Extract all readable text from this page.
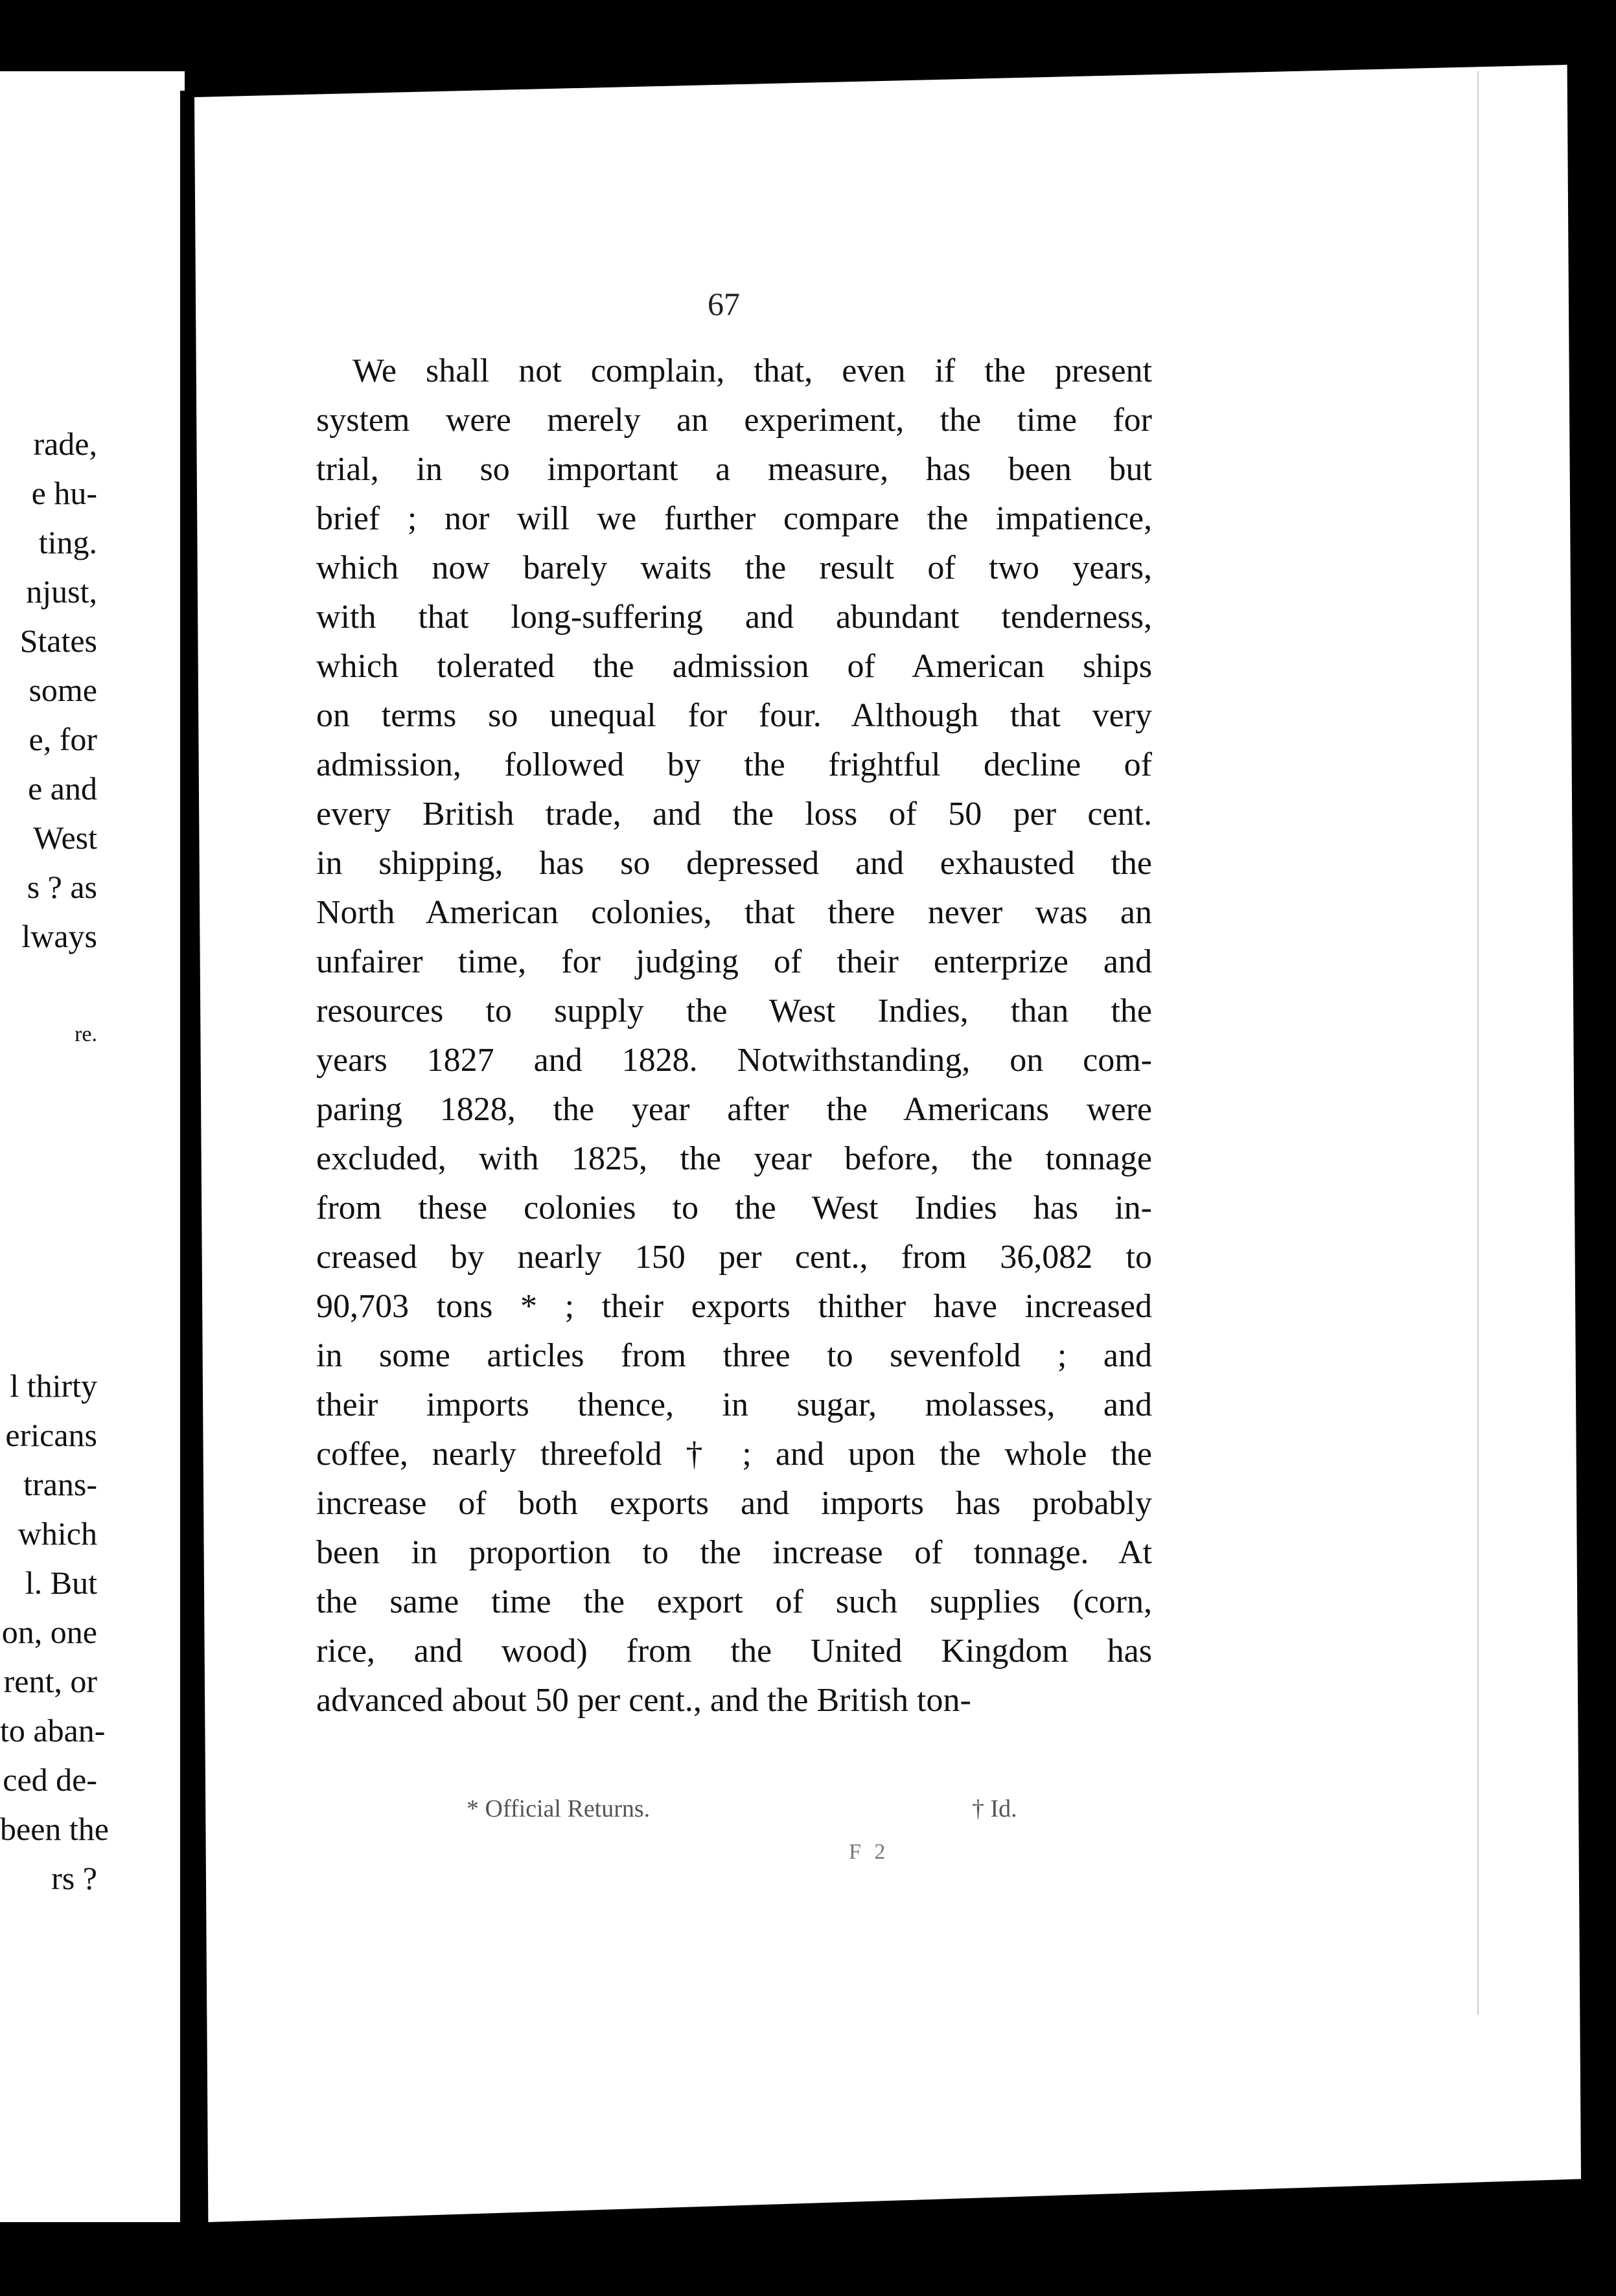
rade,
e hu-
ting.
njust,
States
some
e, for
e and
West
s ? as
lways
re.
l thirty
ericans
trans-
which
l. But
on, one
rent, or
to aban-
ced de-
been the
rs ?
67
We shall not complain, that, even if the present
system were merely an experiment, the time for
trial, in so important a measure, has been but
brief ; nor will we further compare the impatience,
which now barely waits the result of two years,
with that long-suffering and abundant tenderness,
which tolerated the admission of American ships
on terms so unequal for four. Although that very
admission, followed by the frightful decline of
every British trade, and the loss of 50 per cent.
in shipping, has so depressed and exhausted the
North American colonies, that there never was an
unfairer time, for judging of their enterprize and
resources to supply the West Indies, than the
years 1827 and 1828. Notwithstanding, on com-
paring 1828, the year after the Americans were
excluded, with 1825, the year before, the tonnage
from these colonies to the West Indies has in-
creased by nearly 150 per cent., from 36,082 to
90,703 tons * ; their exports thither have increased
in some articles from three to sevenfold ; and
their imports thence, in sugar, molasses, and
coffee, nearly threefold † ; and upon the whole the
increase of both exports and imports has probably
been in proportion to the increase of tonnage. At
the same time the export of such supplies (corn,
rice, and wood) from the United Kingdom has
advanced about 50 per cent., and the British ton-
* Official Returns.	† Id.
F 2
